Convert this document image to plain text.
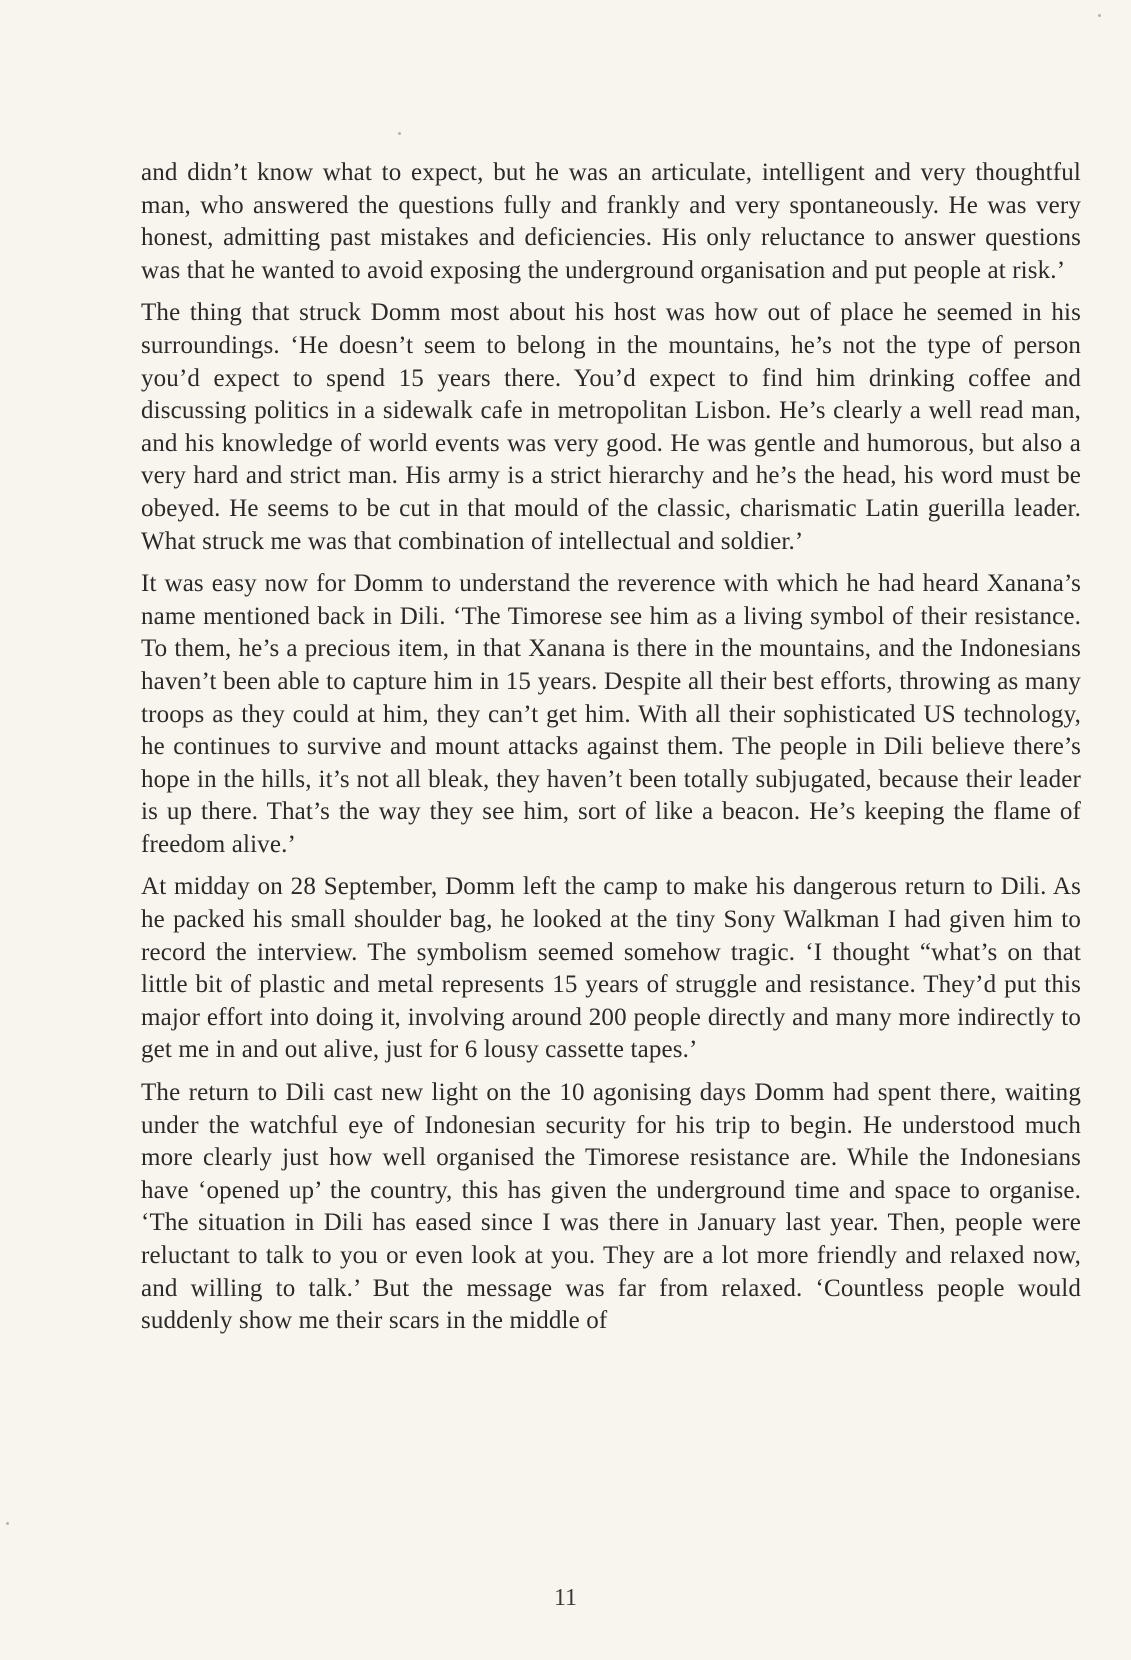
and didn’t know what to expect, but he was an articulate, intelligent and very thoughtful man, who answered the questions fully and frankly and very spontaneously. He was very honest, admitting past mistakes and deficiencies. His only reluctance to answer questions was that he wanted to avoid exposing the underground organisation and put people at risk.’

The thing that struck Domm most about his host was how out of place he seemed in his surroundings. ‘He doesn’t seem to belong in the mountains, he’s not the type of person you’d expect to spend 15 years there. You’d expect to find him drinking coffee and discussing politics in a sidewalk cafe in metropolitan Lisbon. He’s clearly a well read man, and his knowledge of world events was very good. He was gentle and humorous, but also a very hard and strict man. His army is a strict hierarchy and he’s the head, his word must be obeyed. He seems to be cut in that mould of the classic, charismatic Latin guerilla leader. What struck me was that combination of intellectual and soldier.’

It was easy now for Domm to understand the reverence with which he had heard Xanana’s name mentioned back in Dili. ‘The Timorese see him as a living symbol of their resistance. To them, he’s a precious item, in that Xanana is there in the mountains, and the Indonesians haven’t been able to capture him in 15 years. Despite all their best efforts, throwing as many troops as they could at him, they can’t get him. With all their sophisticated US technology, he continues to survive and mount attacks against them. The people in Dili believe there’s hope in the hills, it’s not all bleak, they haven’t been totally subjugated, because their leader is up there. That’s the way they see him, sort of like a beacon. He’s keeping the flame of freedom alive.’

At midday on 28 September, Domm left the camp to make his dangerous return to Dili. As he packed his small shoulder bag, he looked at the tiny Sony Walkman I had given him to record the interview. The symbolism seemed somehow tragic. ‘I thought “what’s on that little bit of plastic and metal represents 15 years of struggle and resistance. They’d put this major effort into doing it, involving around 200 people directly and many more indirectly to get me in and out alive, just for 6 lousy cassette tapes.’

The return to Dili cast new light on the 10 agonising days Domm had spent there, waiting under the watchful eye of Indonesian security for his trip to begin. He understood much more clearly just how well organised the Timorese resistance are. While the Indonesians have ‘opened up’ the country, this has given the underground time and space to organise. ‘The situation in Dili has eased since I was there in January last year. Then, people were reluctant to talk to you or even look at you. They are a lot more friendly and relaxed now, and willing to talk.’ But the message was far from relaxed. ‘Countless people would suddenly show me their scars in the middle of

11
